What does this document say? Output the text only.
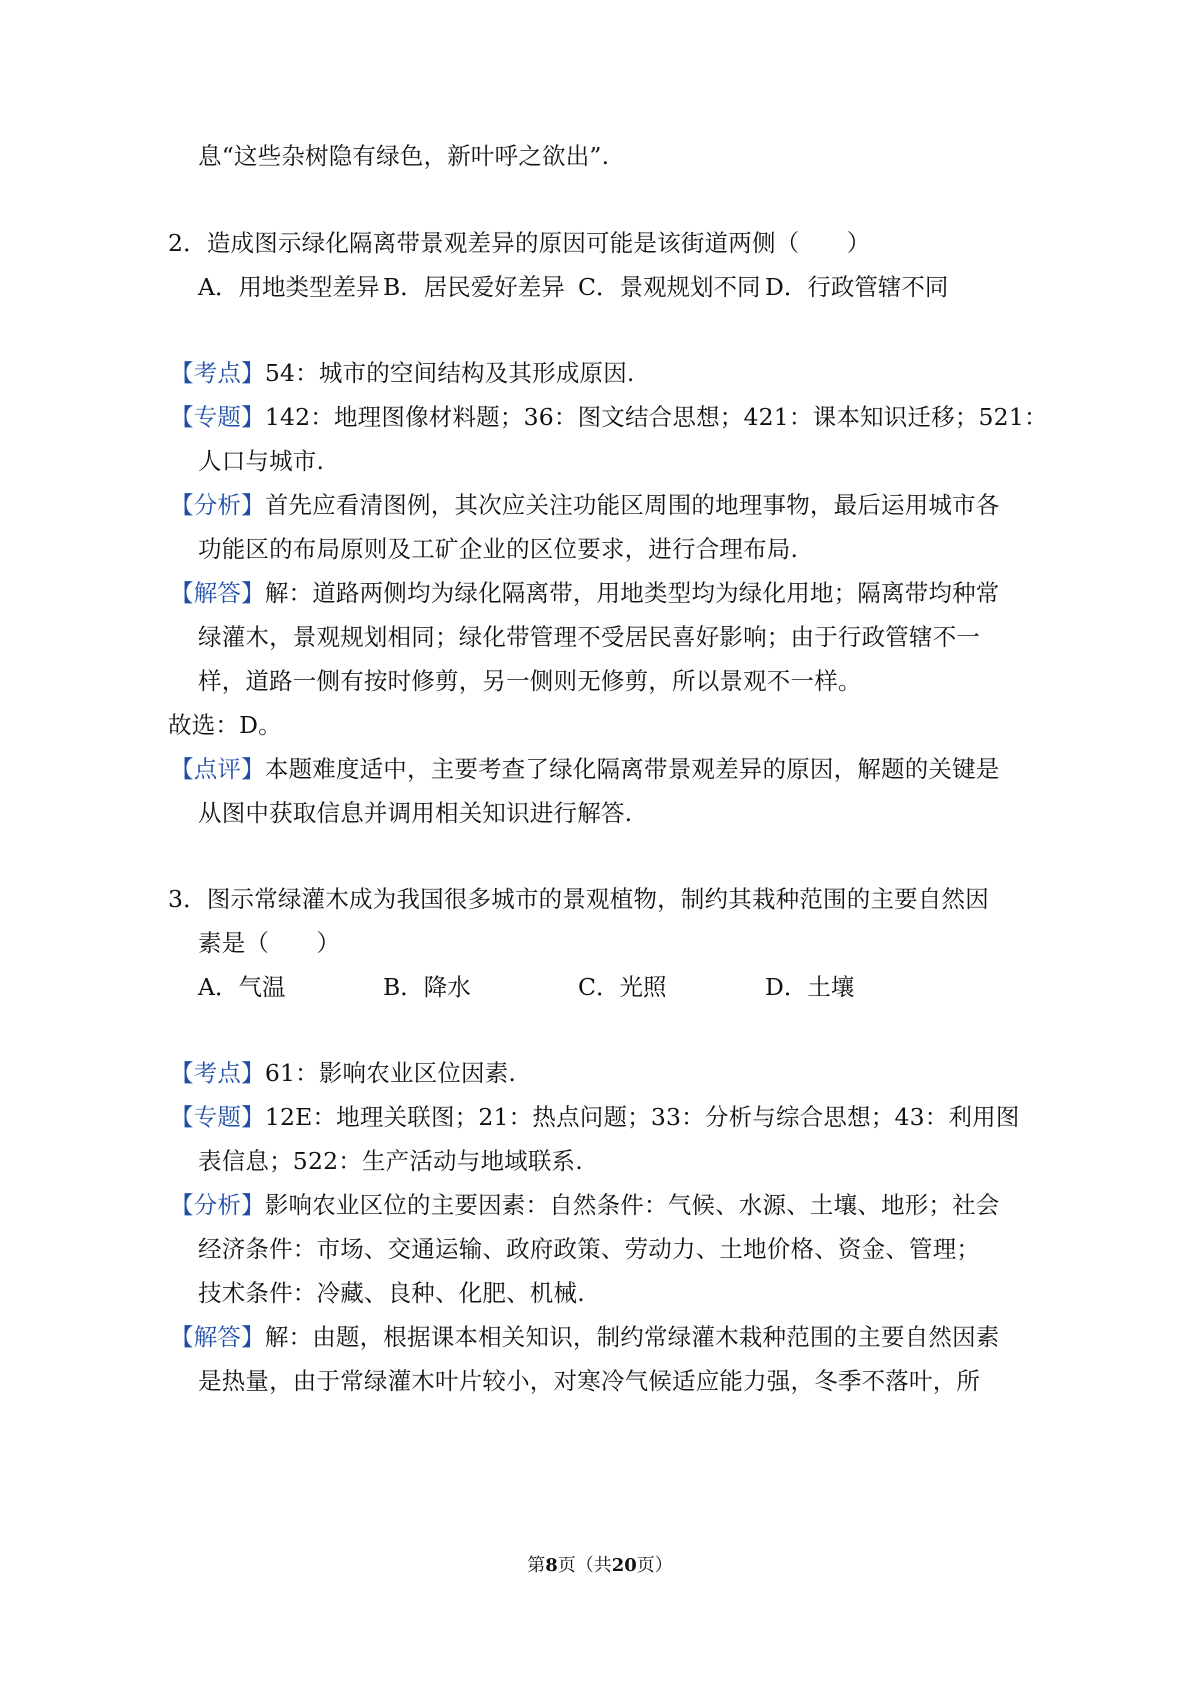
息“这些杂树隐有绿色，新叶呼之欲出”.
2．造成图示绿化隔离带景观差异的原因可能是该街道两侧（　　）
A．用地类型差异 B．居民爱好差异 C．景观规划不同 D．行政管辖不同
【考点】54：城市的空间结构及其形成原因.
【专题】142：地理图像材料题；36：图文结合思想；421：课本知识迁移；521：
人口与城市.
【分析】首先应看清图例，其次应关注功能区周围的地理事物，最后运用城市各
功能区的布局原则及工矿企业的区位要求，进行合理布局.
【解答】解：道路两侧均为绿化隔离带，用地类型均为绿化用地；隔离带均种常
绿灌木，景观规划相同；绿化带管理不受居民喜好影响；由于行政管辖不一
样，道路一侧有按时修剪，另一侧则无修剪，所以景观不一样。
故选：D。
【点评】本题难度适中，主要考查了绿化隔离带景观差异的原因，解题的关键是
从图中获取信息并调用相关知识进行解答.
3．图示常绿灌木成为我国很多城市的景观植物，制约其栽种范围的主要自然因
素是（　　）
A．气温	B．降水	C．光照	D．土壤
【考点】61：影响农业区位因素.
【专题】12E：地理关联图；21：热点问题；33：分析与综合思想；43：利用图
表信息；522：生产活动与地域联系.
【分析】影响农业区位的主要因素：自然条件：气候、水源、土壤、地形；社会
经济条件：市场、交通运输、政府政策、劳动力、土地价格、资金、管理；
技术条件：冷藏、良种、化肥、机械.
【解答】解：由题，根据课本相关知识，制约常绿灌木栽种范围的主要自然因素
是热量，由于常绿灌木叶片较小，对寒冷气候适应能力强，冬季不落叶，所
第8页（共20页）
